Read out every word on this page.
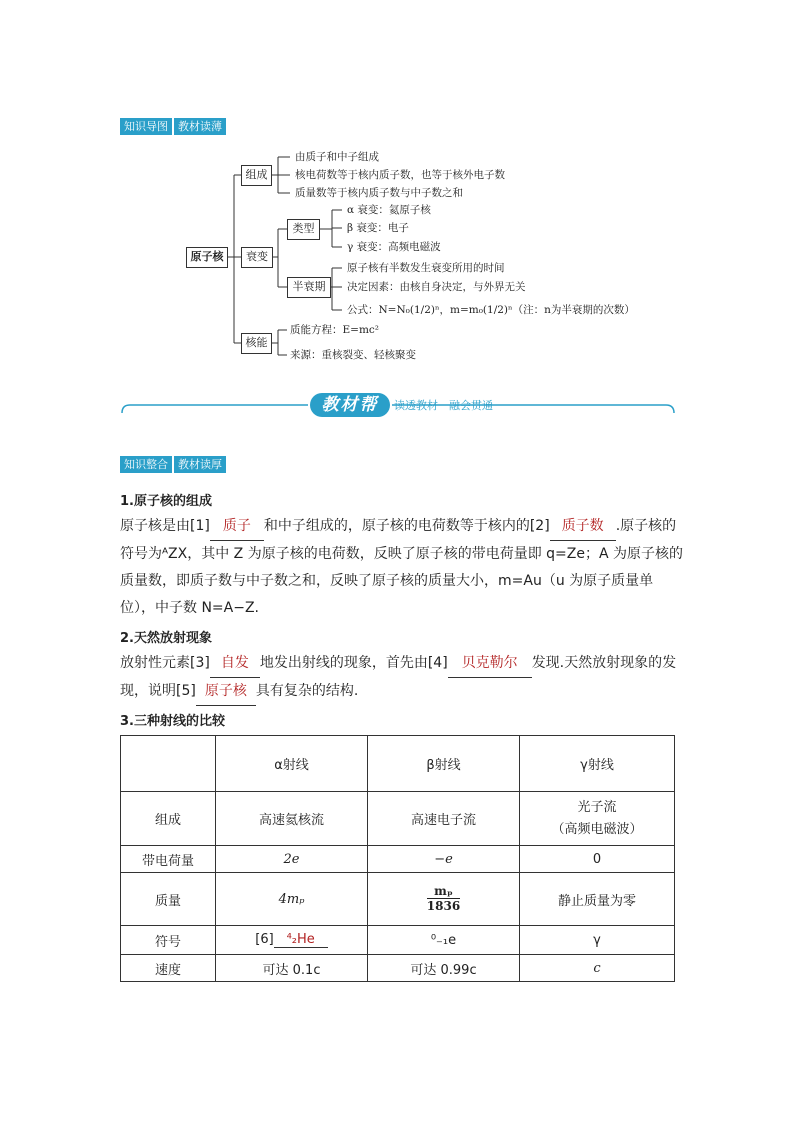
知识导图 教材读薄
原子核
组成
由质子和中子组成
核电荷数等于核内质子数，也等于核外电子数
质量数等于核内质子数与中子数之和
衰变
类型
α 衰变：氦原子核
β 衰变：电子
γ 衰变：高频电磁波
半衰期
原子核有半数发生衰变所用的时间
决定因素：由核自身决定，与外界无关
公式：N=N₀(1/2)ⁿ，m=m₀(1/2)ⁿ（注：n为半衰期的次数）
核能
质能方程：E=mc²
来源：重核裂变、轻核聚变
教材帮	读透教材　融会贯通
知识整合 教材读厚
1.原子核的组成
原子核是由[1] 质子 和中子组成的，原子核的电荷数等于核内的[2] 质子数 .原子核的
符号为ᴬZX，其中 Z 为原子核的电荷数，反映了原子核的带电荷量即 q=Ze；A 为原子核的
质量数，即质子数与中子数之和，反映了原子核的质量大小，m=Au（u 为原子质量单
位），中子数 N=A−Z.
2.天然放射现象
放射性元素[3] 自发 地发出射线的现象，首先由[4] 贝克勒尔 发现.天然放射现象的发
现，说明[5] 原子核 具有复杂的结构.
3.三种射线的比较
	α射线	β射线	γ射线
组成	高速氦核流	高速电子流	光子流
（高频电磁波）
带电荷量	2e	−e	0
质量	4mₚ	$\frac{\text{mₚ}}{1836}$	静止质量为零
符号	[6] ⁴₂He	⁰₋₁e	γ
速度	可达 0.1c	可达 0.99c	c
